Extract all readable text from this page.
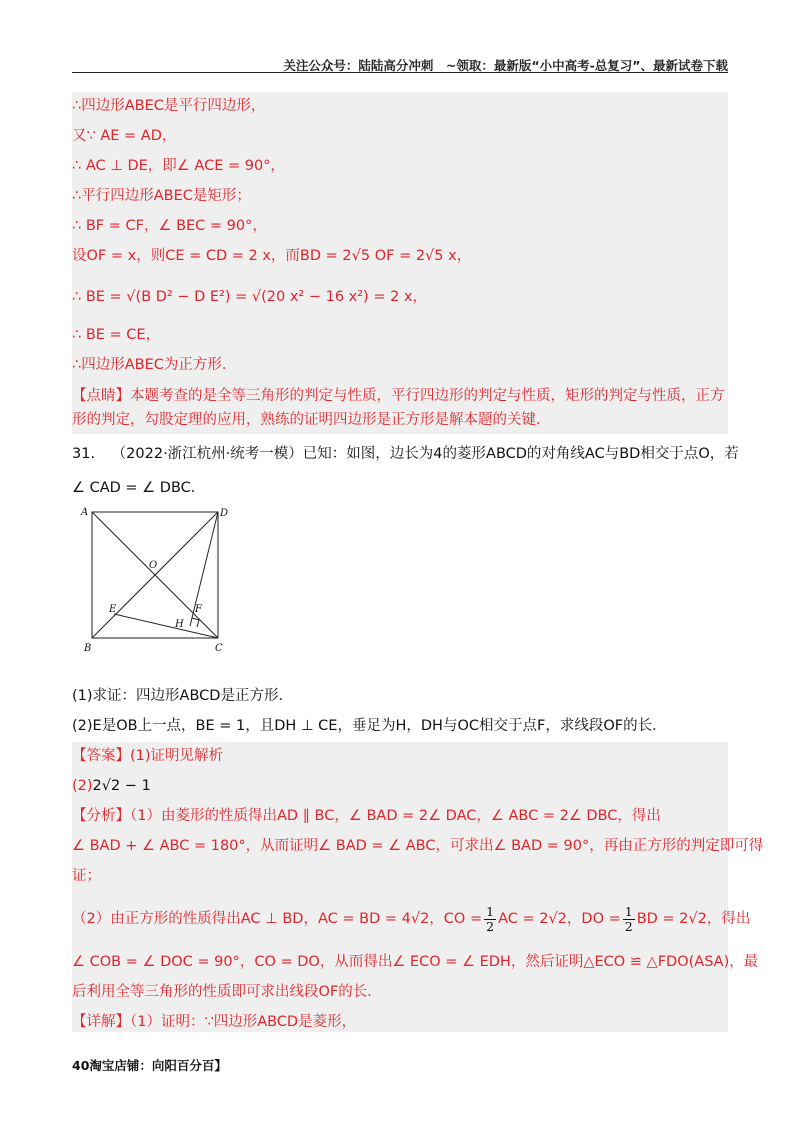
关注公众号：陆陆高分冲刺　~领取：最新版“小中高考-总复习”、最新试卷下载
∴四边形ABEC是平行四边形，
又∵ AE = AD，
∴ AC ⊥ DE，即∠ ACE = 90°，
∴平行四边形ABEC是矩形；
∴ BF = CF，∠ BEC = 90°，
设OF = x，则CE = CD = 2 x，而BD = 2√5 OF = 2√5 x，
∴ BE = √(B D² − D E²) = √(20 x² − 16 x²) = 2 x，
∴ BE = CE，
∴四边形ABEC为正方形．
【点睛】本题考查的是全等三角形的判定与性质，平行四边形的判定与性质，矩形的判定与性质，正方形的判定，勾股定理的应用，熟练的证明四边形是正方形是解本题的关键．
31. （2022·浙江杭州·统考一模）已知：如图，边长为4的菱形ABCD的对角线AC与BD相交于点O，若
∠ CAD = ∠ DBC．
A	D
B	C
O
E	F
H
(1)求证：四边形ABCD是正方形．
(2)E是OB上一点，BE = 1，且DH ⊥ CE，垂足为H，DH与OC相交于点F，求线段OF的长．
【答案】(1)证明见解析
(2)2√2 − 1
【分析】（1）由菱形的性质得出AD ∥ BC，∠ BAD = 2∠ DAC，∠ ABC = 2∠ DBC，得出
∠ BAD + ∠ ABC = 180°，从而证明∠ BAD = ∠ ABC，可求出∠ BAD = 90°，再由正方形的判定即可得
证；
（2）由正方形的性质得出AC ⊥ BD，AC = BD = 4√2，CO = $\frac{1}{2}$ AC = 2√2，DO = $\frac{1}{2}$ BD = 2√2，得出
∠ COB = ∠ DOC = 90°，CO = DO，从而得出∠ ECO = ∠ EDH，然后证明△ECO ≌ △FDO(ASA)，最
后利用全等三角形的性质即可求出线段OF的长．
【详解】（1）证明：∵四边形ABCD是菱形，
40淘宝店铺：向阳百分百】
